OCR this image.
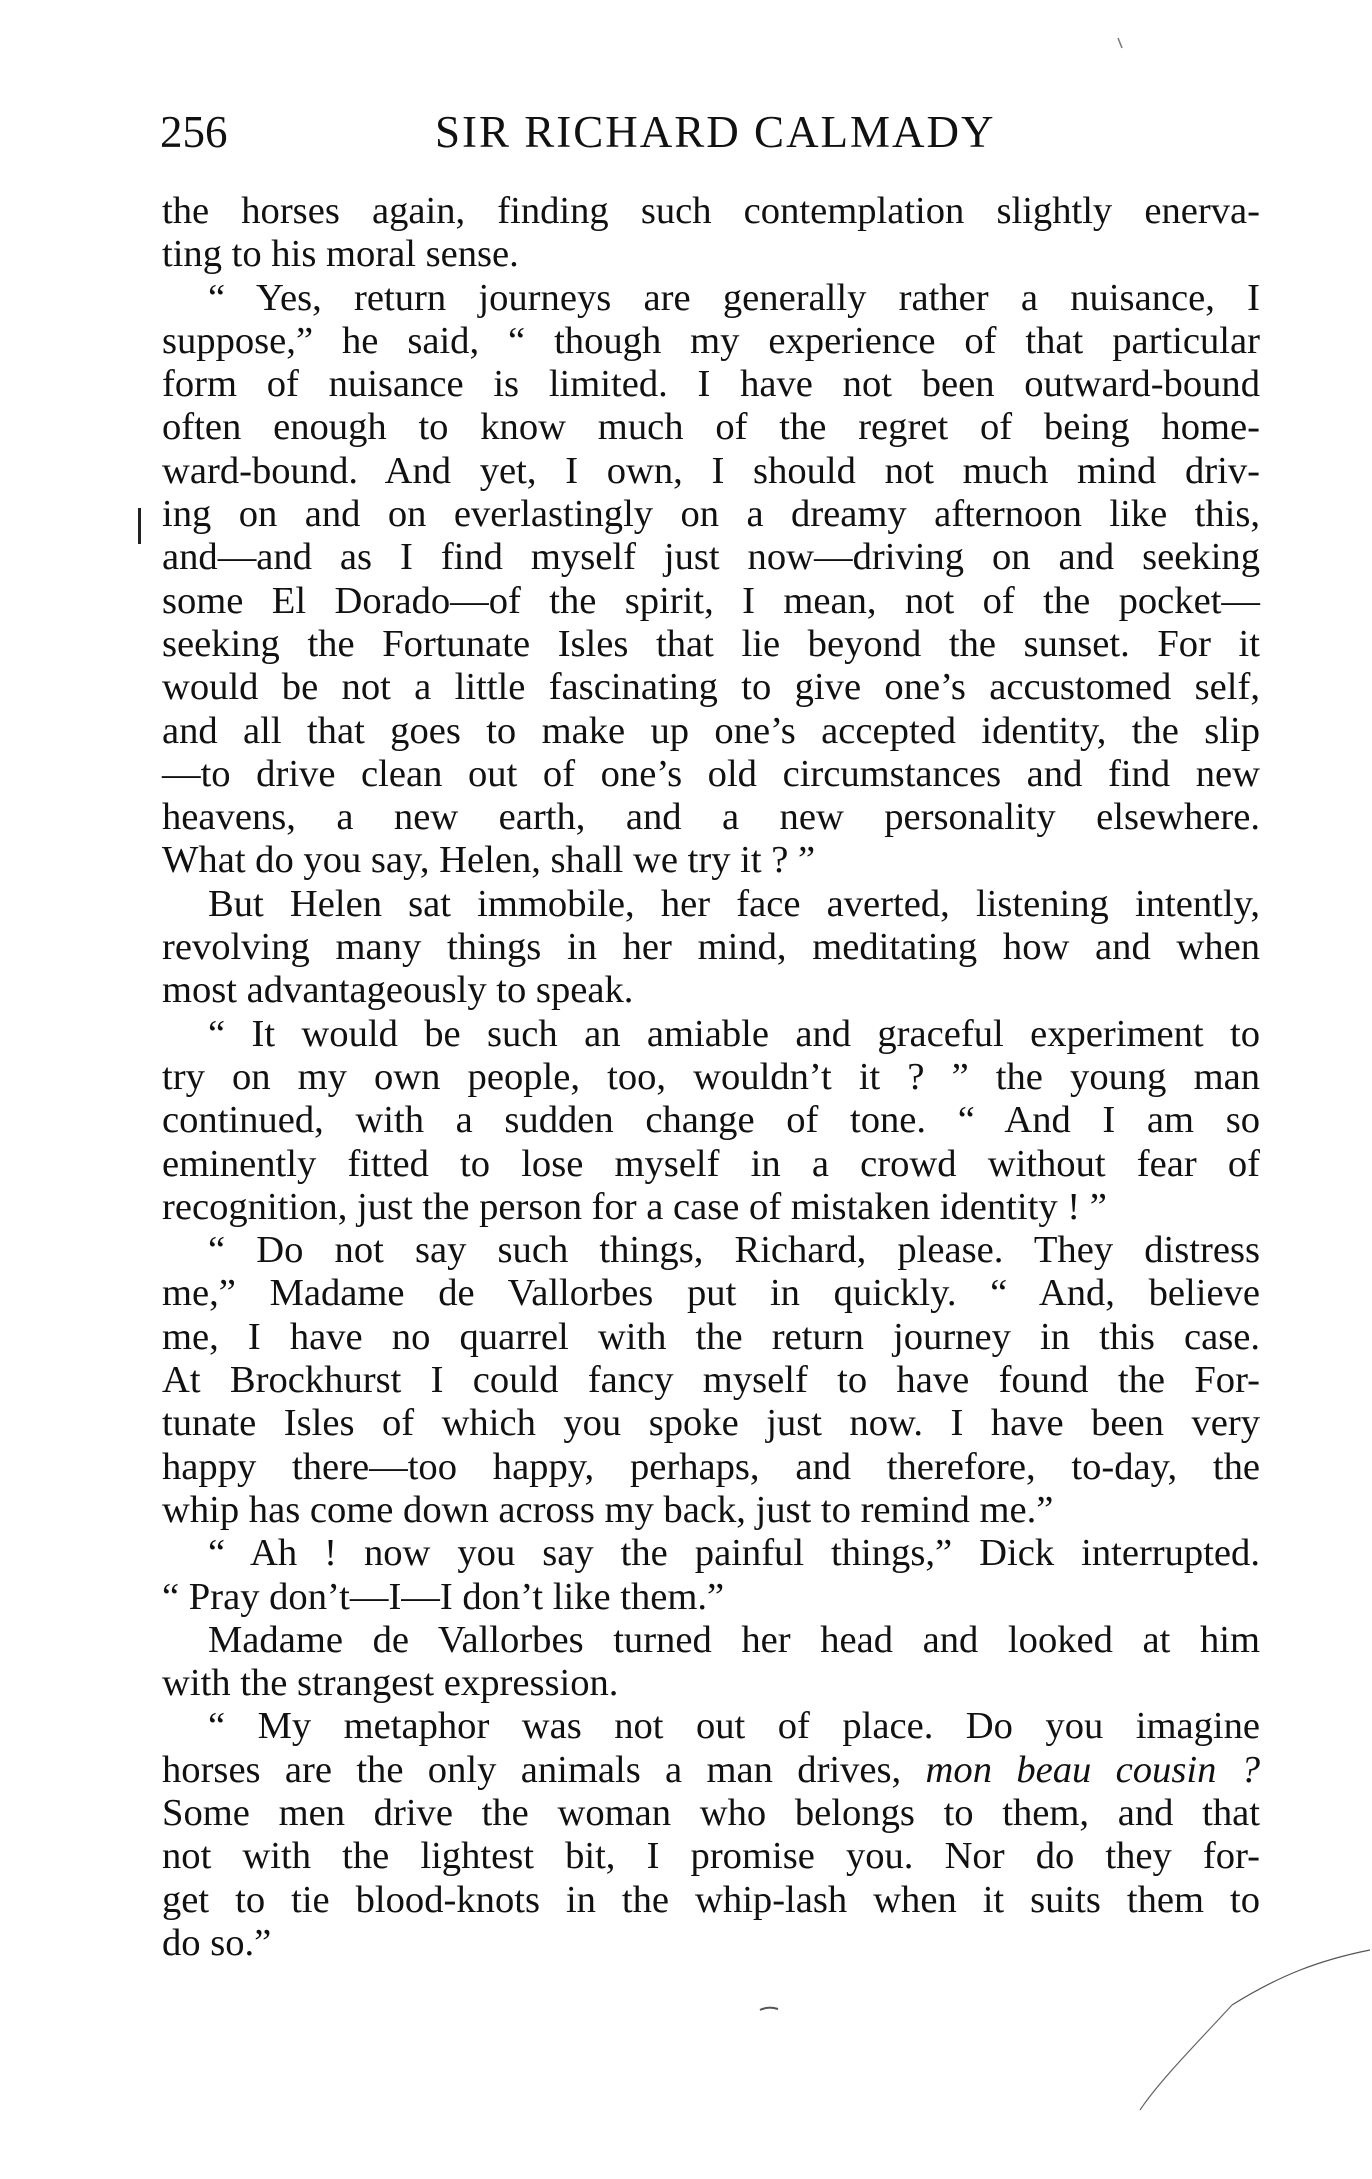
256	SIR RICHARD CALMADY
the horses again, finding such contemplation slightly enerva-
ting to his moral sense.
“ Yes, return journeys are generally rather a nuisance, I
suppose,” he said, “ though my experience of that particular
form of nuisance is limited. I have not been outward-bound
often enough to know much of the regret of being home-
ward-bound. And yet, I own, I should not much mind driv-
ing on and on everlastingly on a dreamy afternoon like this,
and—and as I find myself just now—driving on and seeking
some El Dorado—of the spirit, I mean, not of the pocket—
seeking the Fortunate Isles that lie beyond the sunset. For it
would be not a little fascinating to give one’s accustomed self,
and all that goes to make up one’s accepted identity, the slip
—to drive clean out of one’s old circumstances and find new
heavens, a new earth, and a new personality elsewhere.
What do you say, Helen, shall we try it ? ”
But Helen sat immobile, her face averted, listening intently,
revolving many things in her mind, meditating how and when
most advantageously to speak.
“ It would be such an amiable and graceful experiment to
try on my own people, too, wouldn’t it ? ” the young man
continued, with a sudden change of tone. “ And I am so
eminently fitted to lose myself in a crowd without fear of
recognition, just the person for a case of mistaken identity ! ”
“ Do not say such things, Richard, please. They distress
me,” Madame de Vallorbes put in quickly. “ And, believe
me, I have no quarrel with the return journey in this case.
At Brockhurst I could fancy myself to have found the For-
tunate Isles of which you spoke just now. I have been very
happy there—too happy, perhaps, and therefore, to-day, the
whip has come down across my back, just to remind me.”
“ Ah ! now you say the painful things,” Dick interrupted.
“ Pray don’t—I—I don’t like them.”
Madame de Vallorbes turned her head and looked at him
with the strangest expression.
“ My metaphor was not out of place. Do you imagine
horses are the only animals a man drives, mon beau cousin ?
Some men drive the woman who belongs to them, and that
not with the lightest bit, I promise you. Nor do they for-
get to tie blood-knots in the whip-lash when it suits them to
do so.”
